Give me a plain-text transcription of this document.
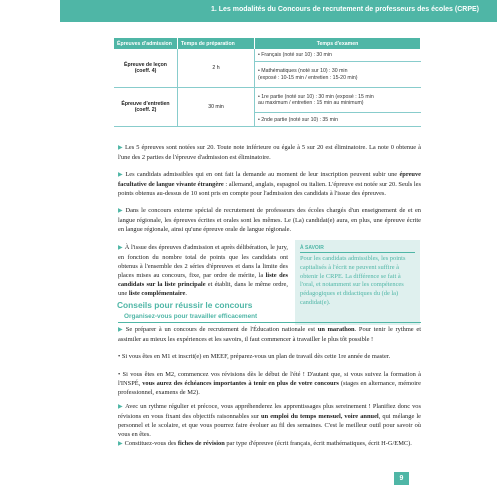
1. Les modalités du Concours de recrutement de professeurs des écoles (CRPE)
Épreuves d'admission	Temps de préparation	Temps d'examen
Épreuve de leçon (coeff. 4)	2 h	• Français (noté sur 10) : 30 min

		• Mathématiques (noté sur 10) : 30 min
(exposé : 10-15 min / entretien : 15-20 min)

Épreuve d'entretien (coeff. 2)	30 min	• 1re partie (noté sur 10) : 30 min (exposé : 15 min
au maximum / entretien : 15 min au minimum)

		• 2nde partie (noté sur 10) : 35 min
▶ Les 5 épreuves sont notées sur 20. Toute note inférieure ou égale à 5 sur 20 est éliminatoire. La note 0 obtenue à l'une des 2 parties de l'épreuve d'admission est éliminatoire.
▶ Les candidats admissibles qui en ont fait la demande au moment de leur inscription peuvent subir une épreuve facultative de langue vivante étrangère : allemand, anglais, espagnol ou italien. L'épreuve est notée sur 20. Seuls les points obtenus au-dessus de 10 sont pris en compte pour l'admission des candidats à l'issue des épreuves.
▶ Dans le concours externe spécial de recrutement de professeurs des écoles chargés d'un enseignement de et en langue régionale, les épreuves écrites et orales sont les mêmes. Le (La) candidat(e) aura, en plus, une épreuve écrite en langue régionale, ainsi qu'une épreuve orale de langue régionale.
▶ À l'issue des épreuves d'admission et après délibération, le jury, en fonction du nombre total de points que les candidats ont obtenus à l'ensemble des 2 séries d'épreuves et dans la limite des places mises au concours, fixe, par ordre de mérite, la liste des candidats sur la liste principale et établit, dans le même ordre, une liste complémentaire.
À SAVOIR
Pour les candidats admissibles, les points capitalisés à l'écrit ne peuvent suffire à obtenir le CRPE. La différence se fait à l'oral, et notamment sur les compétences pédagogiques et didactiques du (de la) candidat(e).
Conseils pour réussir le concours
Organisez-vous pour travailler efficacement
▶ Se préparer à un concours de recrutement de l'Éducation nationale est un marathon. Pour tenir le rythme et assimiler au mieux les expériences et les savoirs, il faut commencer à travailler le plus tôt possible !
• Si vous êtes en M1 et inscrit(e) en MEEF, préparez-vous un plan de travail dès cette 1re année de master.
• Si vous êtes en M2, commencez vos révisions dès le début de l'été ! D'autant que, si vous suivez la formation à l'INSPÉ, vous aurez des échéances importantes à tenir en plus de votre concours (stages en alternance, mémoire professionnel, examens de M2).
▶ Avec un rythme régulier et précoce, vous appréhenderez les apprentissages plus sereinement ! Planifiez donc vos révisions en vous fixant des objectifs raisonnables sur un emploi du temps mensuel, voire annuel, qui mélange le personnel et le scolaire, et que vous pourrez faire évoluer au fil des semaines. C'est le meilleur outil pour savoir où vous en êtes.
▶ Constituez-vous des fiches de révision par type d'épreuve (écrit français, écrit mathématiques, écrit H-G/EMC).
9
